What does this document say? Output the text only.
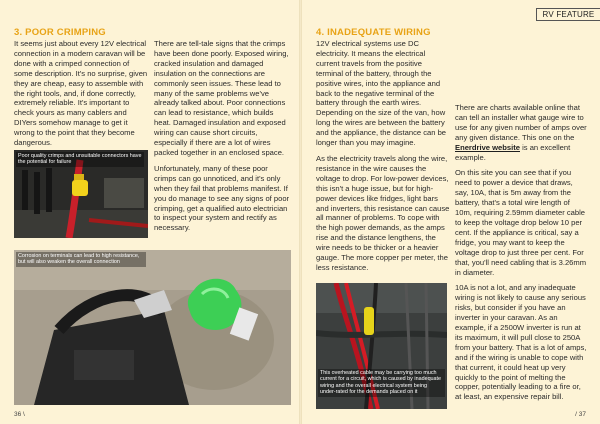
RV FEATURE
3. POOR CRIMPING

It seems just about every 12V electrical connection in a modern caravan will be done with a crimped connection of some description. It's no surprise, given they are cheap, easy to assemble with the right tools, and, if done correctly, extremely reliable. It's important to check yours as many cablers and DIYers somehow manage to get it wrong to the point that they become dangerous.

There are tell-tale signs that the crimps have been done poorly. Exposed wiring, cracked insulation and damaged insulation on the connections are commonly seen issues. These lead to many of the same problems we've already talked about. Poor connections can lead to resistance, which builds heat. Damaged insulation and exposed wiring can cause short circuits, especially if there are a lot of wires packed together in an enclosed space.

Unfortunately, many of these poor crimps can go unnoticed, and it's only when they fail that problems manifest. If you do manage to see any signs of poor crimping, get a qualified auto electrician to inspect your system and rectify as necessary.

Poor quality crimps and unsuitable connectors have the potential for failure
Corrosion on terminals can lead to high resistance, but will also weaken the overall connection
36 \
4. INADEQUATE WIRING

12V electrical systems use DC electricity. It means the electrical current travels from the positive terminal of the battery, through the positive wires, into the appliance and back to the negative terminal of the battery through the earth wires. Depending on the size of the van, how long the wires are between the battery and the appliance, the distance can be longer than you may imagine.

As the electricity travels along the wire, resistance in the wire causes the voltage to drop. For low-power devices, this isn't a huge issue, but for high-power devices like fridges, light bars and inverters, this resistance can cause all manner of problems. To cope with the high power demands, as the amps rise and the distance lengthens, the wire needs to be thicker or a heavier gauge. The more copper per meter, the less resistance.

There are charts available online that can tell an installer what gauge wire to use for any given number of amps over any given distance. This one on the Enerdrive website is an excellent example.

On this site you can see that if you need to power a device that draws, say, 10A, that is 5m away from the battery, that's a total wire length of 10m, requiring 2.59mm diameter cable to keep the voltage drop below 10 per cent. If the appliance is critical, say a fridge, you may want to keep the voltage drop to just three per cent. For that, you'll need cabling that is 3.26mm in diameter.

10A is not a lot, and any inadequate wiring is not likely to cause any serious risks, but consider if you have an inverter in your caravan. As an example, if a 2500W inverter is run at its maximum, it will pull close to 250A from your battery. That is a lot of amps, and if the wiring is unable to cope with that current, it could heat up very quickly to the point of melting the copper, potentially leading to a fire or, at least, an expensive repair bill.

This overheated cable may be carrying too much current for a circuit, which is caused by inadequate wiring and the overall electrical system being under-rated for the demands placed on it
/ 37
